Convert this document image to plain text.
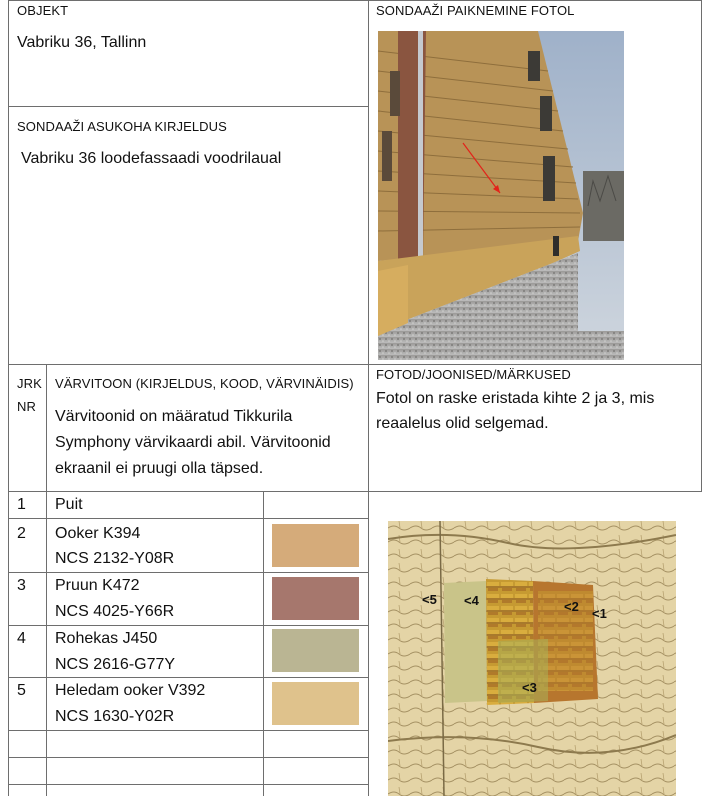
OBJEKT
Vabriku 36, Tallinn
SONDAAŽI ASUKOHA KIRJELDUS
Vabriku 36 loodefassaadi voodrilaual
SONDAAŽI PAIKNEMINE FOTOL
JRK
NR
VÄRVITOON (KIRJELDUS, KOOD, VÄRVINÄIDIS)
Värvitoonid on määratud Tikkurila
Symphony värvikaardi abil. Värvitoonid
ekraanil ei pruugi olla täpsed.
FOTOD/JOONISED/MÄRKUSED
Fotol on raske eristada kihte 2 ja 3, mis
reaalelus olid selgemad.
1 Puit
2 Ooker K394
NCS 2132-Y08R
3 Pruun K472
NCS 4025-Y66R
4 Rohekas J450
NCS 2616-G77Y
5 Heledam ooker V392
NCS 1630-Y02R
<5 <4	<2 <1
<3
